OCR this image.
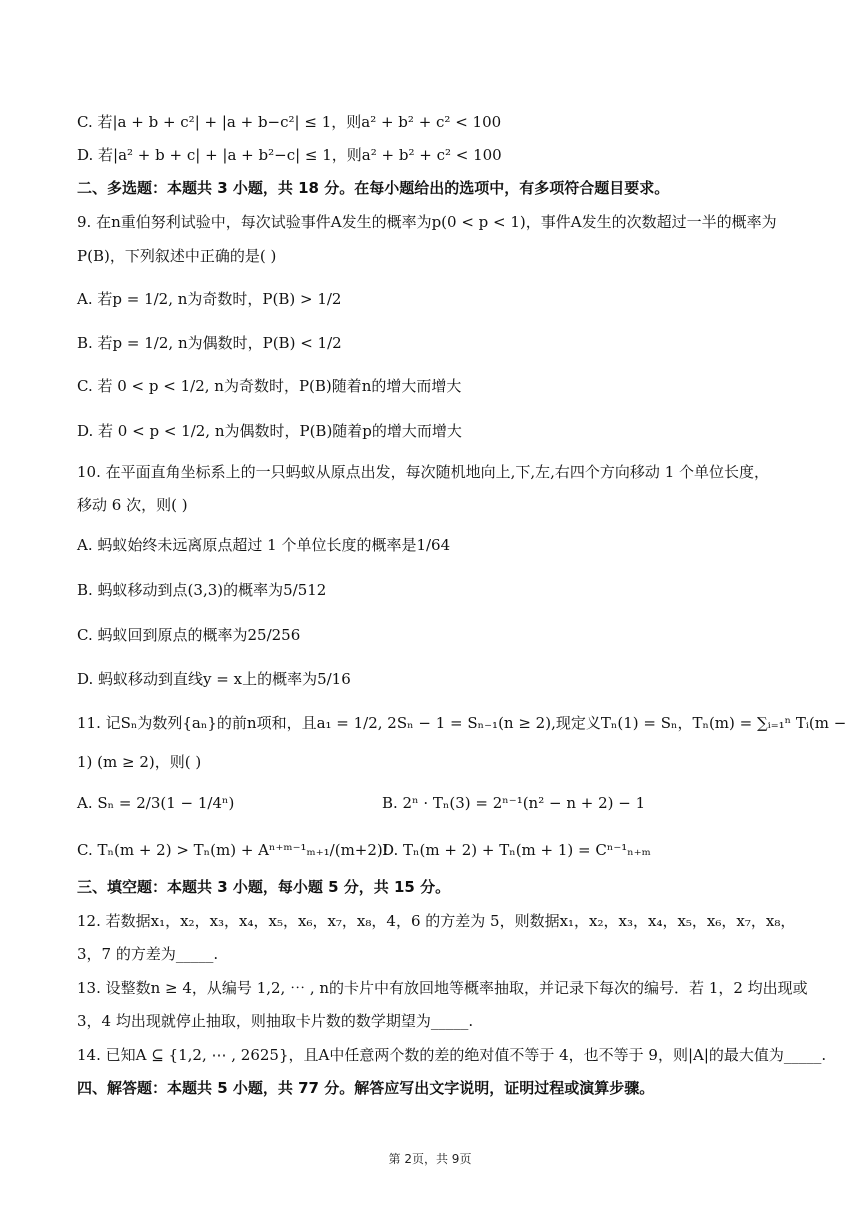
C. 若|a + b + c²| + |a + b−c²| ≤ 1，则a² + b² + c² < 100
D. 若|a² + b + c| + |a + b²−c| ≤ 1，则a² + b² + c² < 100
二、多选题：本题共 3 小题，共 18 分。在每小题给出的选项中，有多项符合题目要求。
9. 在n重伯努利试验中，每次试验事件A发生的概率为p(0 < p < 1)，事件A发生的次数超过一半的概率为
P(B)，下列叙述中正确的是( )
A. 若p = 1/2, n为奇数时，P(B) > 1/2
B. 若p = 1/2, n为偶数时，P(B) < 1/2
C. 若 0 < p < 1/2, n为奇数时，P(B)随着n的增大而增大
D. 若 0 < p < 1/2, n为偶数时，P(B)随着p的增大而增大
10. 在平面直角坐标系上的一只蚂蚁从原点出发，每次随机地向上,下,左,右四个方向移动 1 个单位长度，
移动 6 次，则( )
A. 蚂蚁始终未远离原点超过 1 个单位长度的概率是1/64
B. 蚂蚁移动到点(3,3)的概率为5/512
C. 蚂蚁回到原点的概率为25/256
D. 蚂蚁移动到直线y = x上的概率为5/16
11. 记Sₙ为数列{aₙ}的前n项和，且a₁ = 1/2, 2Sₙ − 1 = Sₙ₋₁(n ≥ 2),现定义Tₙ(1) = Sₙ，Tₙ(m) = ∑ᵢ₌₁ⁿ Tᵢ(m −
1) (m ≥ 2)，则( )
A. Sₙ = 2/3(1 − 1/4ⁿ)	B. 2ⁿ · Tₙ(3) = 2ⁿ⁻¹(n² − n + 2) − 1
C. Tₙ(m + 2) > Tₙ(m) + Aⁿ⁺ᵐ⁻¹ₘ₊₁/(m+2)!
D. Tₙ(m + 2) + Tₙ(m + 1) = Cⁿ⁻¹ₙ₊ₘ
三、填空题：本题共 3 小题，每小题 5 分，共 15 分。
12. 若数据x₁，x₂，x₃，x₄，x₅，x₆，x₇，x₈，4，6 的方差为 5，则数据x₁，x₂，x₃，x₄，x₅，x₆，x₇，x₈，
3，7 的方差为_____.
13. 设整数n ≥ 4，从编号 1,2, ⋯ , n的卡片中有放回地等概率抽取，并记录下每次的编号．若 1，2 均出现或
3，4 均出现就停止抽取，则抽取卡片数的数学期望为_____.
14. 已知A ⊆ {1,2, ⋯ , 2625}，且A中任意两个数的差的绝对值不等于 4，也不等于 9，则|A|的最大值为_____.
四、解答题：本题共 5 小题，共 77 分。解答应写出文字说明，证明过程或演算步骤。
第 2页，共 9页
